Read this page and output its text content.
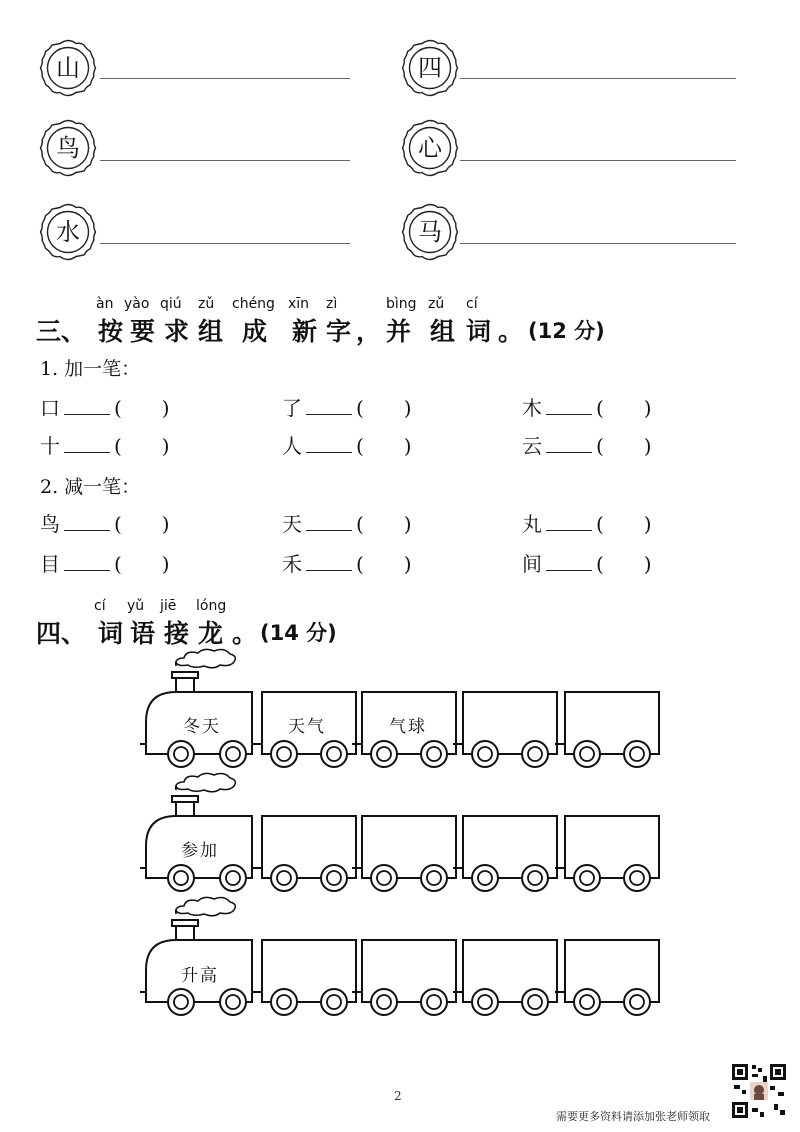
山	四
鸟	心
水	马
àn yào qiú zǔ chéng xīn zì	bìng zǔ cí
三、 按 要 求 组 成 新 字 ， 并 组 词 。 (12 分)
1. 加一笔：
口	(　　)	了	(　　)	木	(　　)
十	(　　)	人	(　　)	云	(　　)
2. 减一笔：
鸟	(　　)	天	(　　)	丸	(　　)
目	(　　)	禾	(　　)	间	(　　)
cí yǔ jiē lóng
四、 词 语 接 龙 。 (14 分)
冬天	天气	气球
参加
升高
2
需要更多资料请添加张老师领取
